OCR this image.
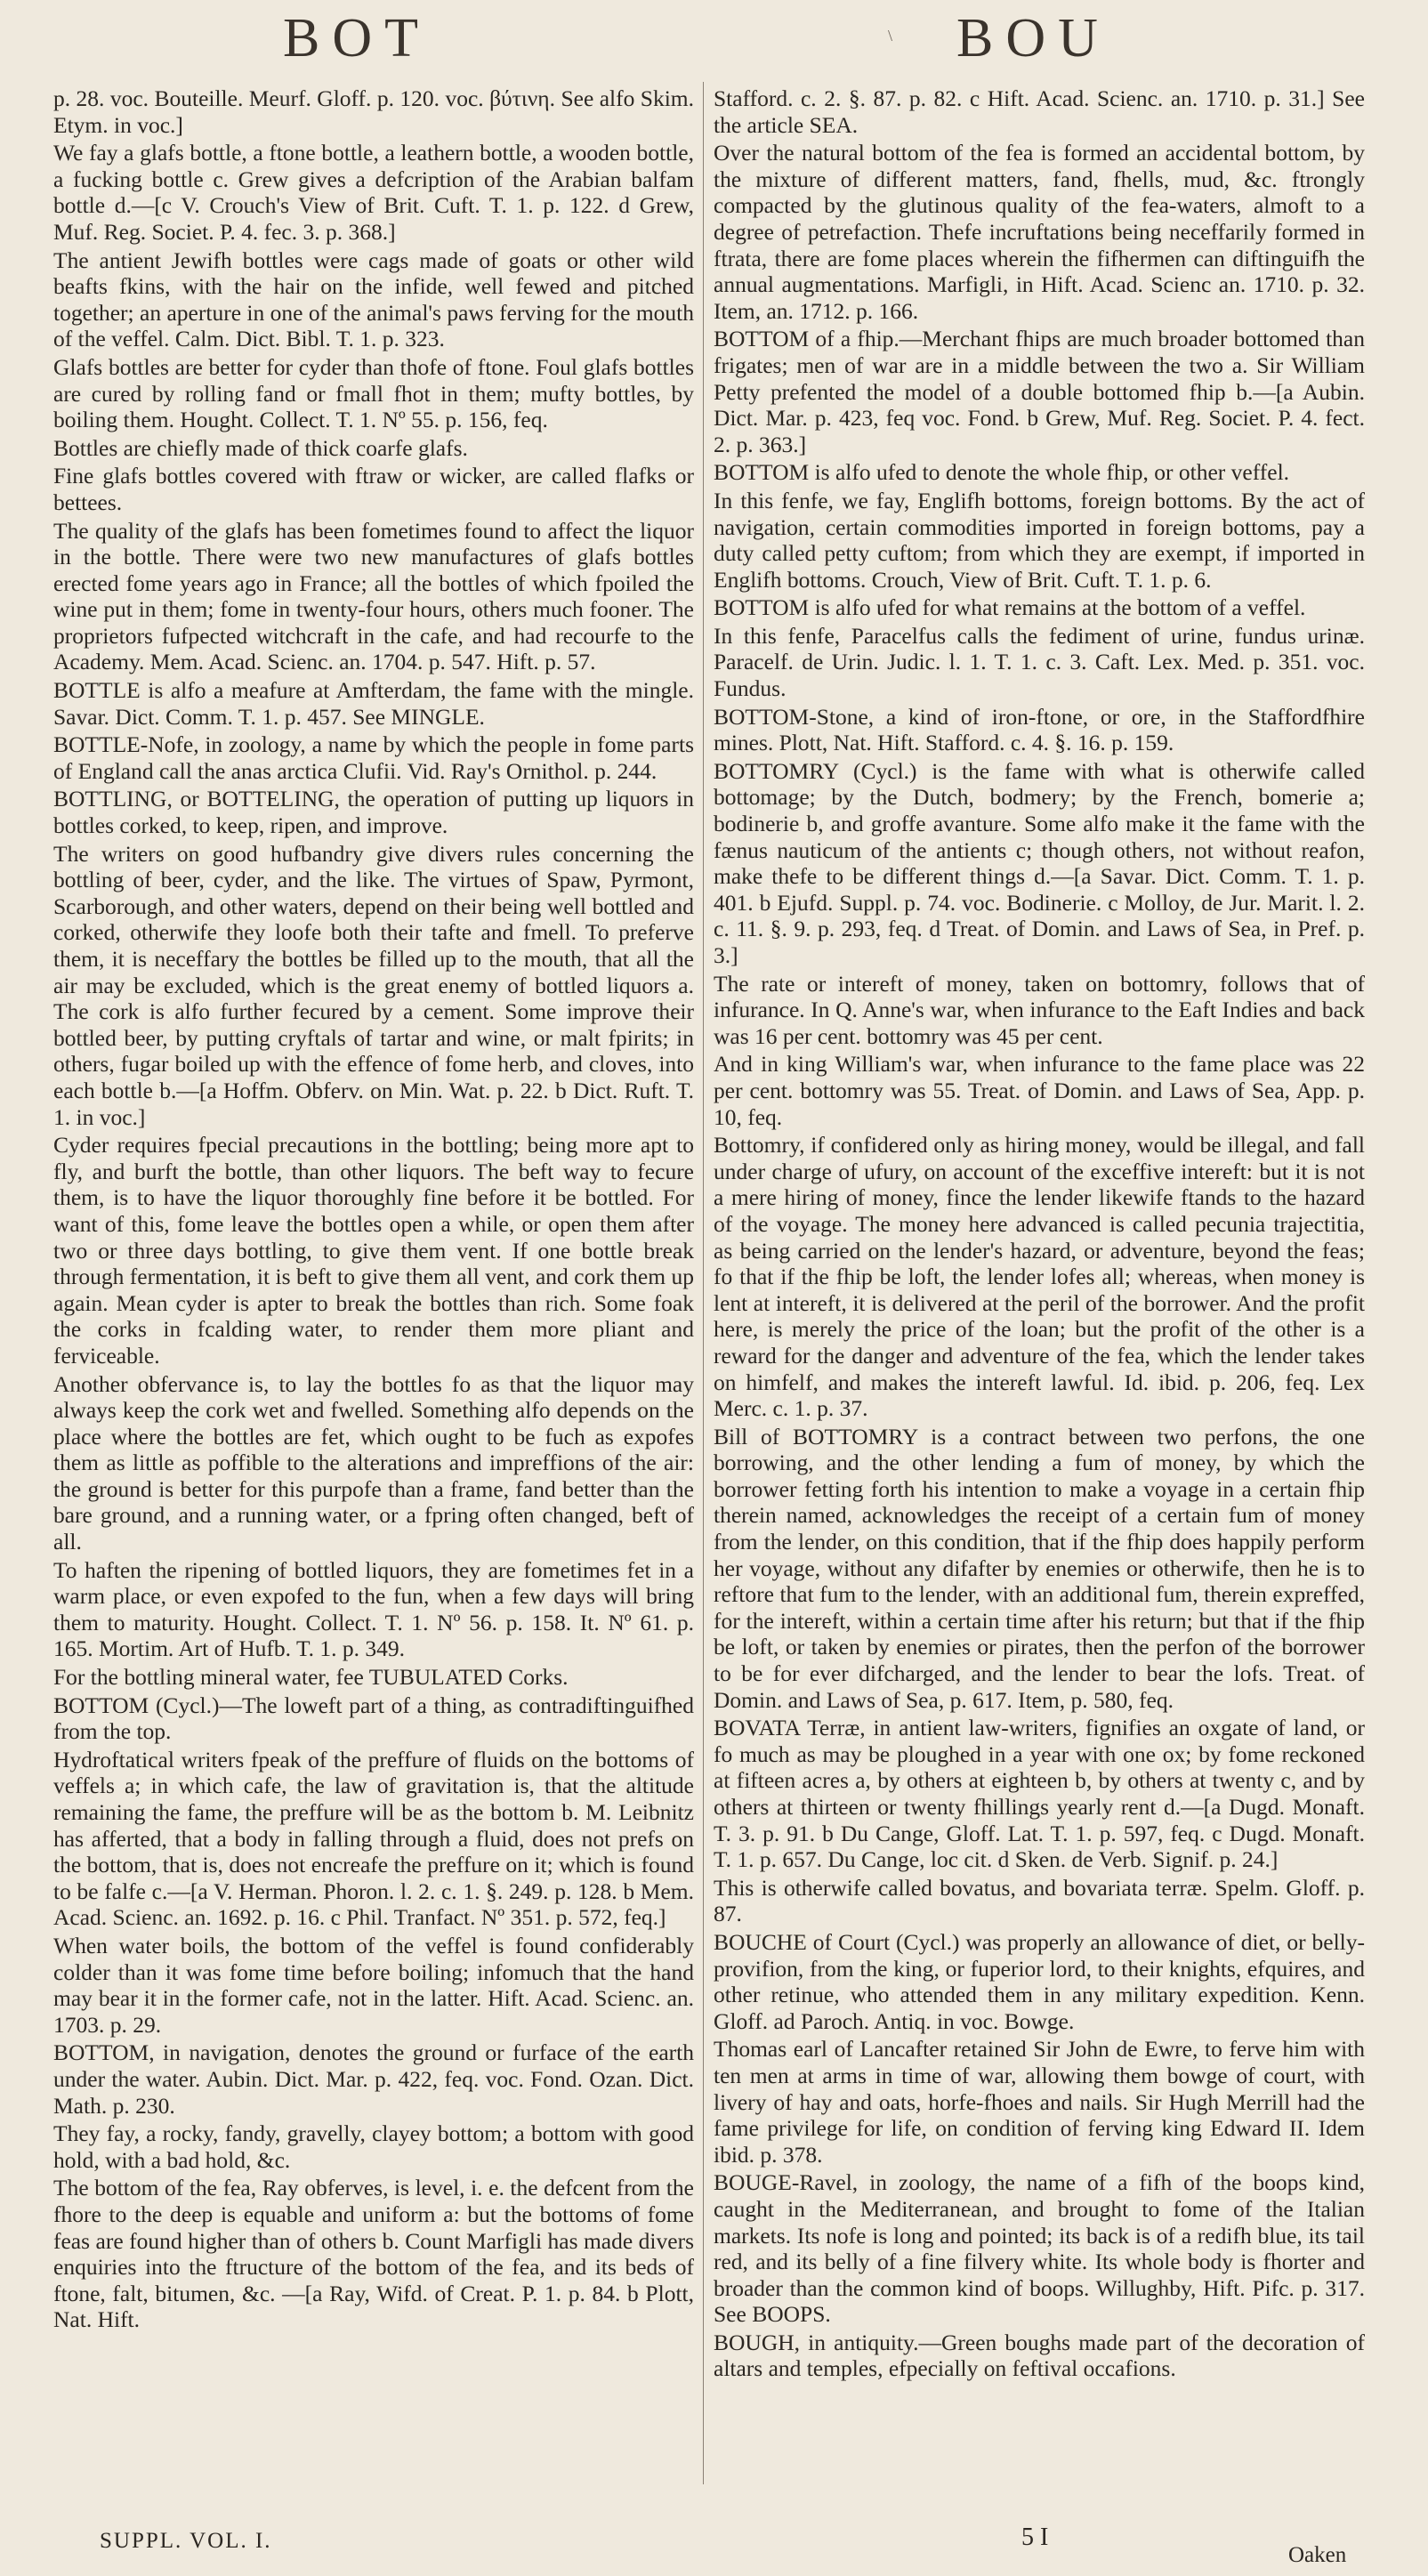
BOT	\ BOU

p. 28. voc. Bouteille. Meurf. Gloff. p. 120. voc. βύτινη. See alfo Skim. Etym. in voc.]

We fay a glafs bottle, a ftone bottle, a leathern bottle, a wooden bottle, a fucking bottle c. Grew gives a defcription of the Arabian balfam bottle d.—[c V. Crouch's View of Brit. Cuft. T. 1. p. 122. d Grew, Muf. Reg. Societ. P. 4. fec. 3. p. 368.]

The antient Jewifh bottles were cags made of goats or other wild beafts fkins, with the hair on the infide, well fewed and pitched together; an aperture in one of the animal's paws ferving for the mouth of the veffel. Calm. Dict. Bibl. T. 1. p. 323.

Glafs bottles are better for cyder than thofe of ftone. Foul glafs bottles are cured by rolling fand or fmall fhot in them; mufty bottles, by boiling them. Hought. Collect. T. 1. Nº 55. p. 156, feq.

Bottles are chiefly made of thick coarfe glafs.

Fine glafs bottles covered with ftraw or wicker, are called flafks or bettees.

The quality of the glafs has been fometimes found to affect the liquor in the bottle. There were two new manufactures of glafs bottles erected fome years ago in France; all the bottles of which fpoiled the wine put in them; fome in twenty-four hours, others much fooner. The proprietors fufpected witchcraft in the cafe, and had recourfe to the Academy. Mem. Acad. Scienc. an. 1704. p. 547. Hift. p. 57.

BOTTLE is alfo a meafure at Amfterdam, the fame with the mingle. Savar. Dict. Comm. T. 1. p. 457. See MINGLE.

BOTTLE-Nofe, in zoology, a name by which the people in fome parts of England call the anas arctica Clufii. Vid. Ray's Ornithol. p. 244.

BOTTLING, or BOTTELING, the operation of putting up liquors in bottles corked, to keep, ripen, and improve.

The writers on good hufbandry give divers rules concerning the bottling of beer, cyder, and the like. The virtues of Spaw, Pyrmont, Scarborough, and other waters, depend on their being well bottled and corked, otherwife they loofe both their tafte and fmell. To preferve them, it is neceffary the bottles be filled up to the mouth, that all the air may be excluded, which is the great enemy of bottled liquors a. The cork is alfo further fecured by a cement. Some improve their bottled beer, by putting cryftals of tartar and wine, or malt fpirits; in others, fugar boiled up with the effence of fome herb, and cloves, into each bottle b.—[a Hoffm. Obferv. on Min. Wat. p. 22. b Dict. Ruft. T. 1. in voc.]

Cyder requires fpecial precautions in the bottling; being more apt to fly, and burft the bottle, than other liquors. The beft way to fecure them, is to have the liquor thoroughly fine before it be bottled. For want of this, fome leave the bottles open a while, or open them after two or three days bottling, to give them vent. If one bottle break through fermentation, it is beft to give them all vent, and cork them up again. Mean cyder is apter to break the bottles than rich. Some foak the corks in fcalding water, to render them more pliant and ferviceable.

Another obfervance is, to lay the bottles fo as that the liquor may always keep the cork wet and fwelled. Something alfo depends on the place where the bottles are fet, which ought to be fuch as expofes them as little as poffible to the alterations and impreffions of the air: the ground is better for this purpofe than a frame, fand better than the bare ground, and a running water, or a fpring often changed, beft of all.

To haften the ripening of bottled liquors, they are fometimes fet in a warm place, or even expofed to the fun, when a few days will bring them to maturity. Hought. Collect. T. 1. Nº 56. p. 158. It. Nº 61. p. 165. Mortim. Art of Hufb. T. 1. p. 349.

For the bottling mineral water, fee TUBULATED Corks.

BOTTOM (Cycl.)—The loweft part of a thing, as contradiftinguifhed from the top.

Hydroftatical writers fpeak of the preffure of fluids on the bottoms of veffels a; in which cafe, the law of gravitation is, that the altitude remaining the fame, the preffure will be as the bottom b. M. Leibnitz has afferted, that a body in falling through a fluid, does not prefs on the bottom, that is, does not encreafe the preffure on it; which is found to be falfe c.—[a V. Herman. Phoron. l. 2. c. 1. §. 249. p. 128. b Mem. Acad. Scienc. an. 1692. p. 16. c Phil. Tranfact. Nº 351. p. 572, feq.]

When water boils, the bottom of the veffel is found confiderably colder than it was fome time before boiling; infomuch that the hand may bear it in the former cafe, not in the latter. Hift. Acad. Scienc. an. 1703. p. 29.

BOTTOM, in navigation, denotes the ground or furface of the earth under the water. Aubin. Dict. Mar. p. 422, feq. voc. Fond. Ozan. Dict. Math. p. 230.

They fay, a rocky, fandy, gravelly, clayey bottom; a bottom with good hold, with a bad hold, &c.

The bottom of the fea, Ray obferves, is level, i. e. the defcent from the fhore to the deep is equable and uniform a: but the bottoms of fome feas are found higher than of others b. Count Marfigli has made divers enquiries into the ftructure of the bottom of the fea, and its beds of ftone, falt, bitumen, &c. —[a Ray, Wifd. of Creat. P. 1. p. 84. b Plott, Nat. Hift.

Stafford. c. 2. §. 87. p. 82. c Hift. Acad. Scienc. an. 1710. p. 31.] See the article SEA.

Over the natural bottom of the fea is formed an accidental bottom, by the mixture of different matters, fand, fhells, mud, &c. ftrongly compacted by the glutinous quality of the fea-waters, almoft to a degree of petrefaction. Thefe incruftations being neceffarily formed in ftrata, there are fome places wherein the fifhermen can diftinguifh the annual augmentations. Marfigli, in Hift. Acad. Scienc an. 1710. p. 32. Item, an. 1712. p. 166.

BOTTOM of a fhip.—Merchant fhips are much broader bottomed than frigates; men of war are in a middle between the two a. Sir William Petty prefented the model of a double bottomed fhip b.—[a Aubin. Dict. Mar. p. 423, feq voc. Fond. b Grew, Muf. Reg. Societ. P. 4. fect. 2. p. 363.]

BOTTOM is alfo ufed to denote the whole fhip, or other veffel.

In this fenfe, we fay, Englifh bottoms, foreign bottoms. By the act of navigation, certain commodities imported in foreign bottoms, pay a duty called petty cuftom; from which they are exempt, if imported in Englifh bottoms. Crouch, View of Brit. Cuft. T. 1. p. 6.

BOTTOM is alfo ufed for what remains at the bottom of a veffel.

In this fenfe, Paracelfus calls the fediment of urine, fundus urinæ. Paracelf. de Urin. Judic. l. 1. T. 1. c. 3. Caft. Lex. Med. p. 351. voc. Fundus.

BOTTOM-Stone, a kind of iron-ftone, or ore, in the Staffordfhire mines. Plott, Nat. Hift. Stafford. c. 4. §. 16. p. 159.

BOTTOMRY (Cycl.) is the fame with what is otherwife called bottomage; by the Dutch, bodmery; by the French, bomerie a; bodinerie b, and groffe avanture. Some alfo make it the fame with the fænus nauticum of the antients c; though others, not without reafon, make thefe to be different things d.—[a Savar. Dict. Comm. T. 1. p. 401. b Ejufd. Suppl. p. 74. voc. Bodinerie. c Molloy, de Jur. Marit. l. 2. c. 11. §. 9. p. 293, feq. d Treat. of Domin. and Laws of Sea, in Pref. p. 3.]

The rate or intereft of money, taken on bottomry, follows that of infurance. In Q. Anne's war, when infurance to the Eaft Indies and back was 16 per cent. bottomry was 45 per cent.

And in king William's war, when infurance to the fame place was 22 per cent. bottomry was 55. Treat. of Domin. and Laws of Sea, App. p. 10, feq.

Bottomry, if confidered only as hiring money, would be illegal, and fall under charge of ufury, on account of the exceffive intereft: but it is not a mere hiring of money, fince the lender likewife ftands to the hazard of the voyage. The money here advanced is called pecunia trajectitia, as being carried on the lender's hazard, or adventure, beyond the feas; fo that if the fhip be loft, the lender lofes all; whereas, when money is lent at intereft, it is delivered at the peril of the borrower. And the profit here, is merely the price of the loan; but the profit of the other is a reward for the danger and adventure of the fea, which the lender takes on himfelf, and makes the intereft lawful. Id. ibid. p. 206, feq. Lex Merc. c. 1. p. 37.

Bill of BOTTOMRY is a contract between two perfons, the one borrowing, and the other lending a fum of money, by which the borrower fetting forth his intention to make a voyage in a certain fhip therein named, acknowledges the receipt of a certain fum of money from the lender, on this condition, that if the fhip does happily perform her voyage, without any difafter by enemies or otherwife, then he is to reftore that fum to the lender, with an additional fum, therein expreffed, for the intereft, within a certain time after his return; but that if the fhip be loft, or taken by enemies or pirates, then the perfon of the borrower to be for ever difcharged, and the lender to bear the lofs. Treat. of Domin. and Laws of Sea, p. 617. Item, p. 580, feq.

BOVATA Terræ, in antient law-writers, fignifies an oxgate of land, or fo much as may be ploughed in a year with one ox; by fome reckoned at fifteen acres a, by others at eighteen b, by others at twenty c, and by others at thirteen or twenty fhillings yearly rent d.—[a Dugd. Monaft. T. 3. p. 91. b Du Cange, Gloff. Lat. T. 1. p. 597, feq. c Dugd. Monaft. T. 1. p. 657. Du Cange, loc cit. d Sken. de Verb. Signif. p. 24.]

This is otherwife called bovatus, and bovariata terræ. Spelm. Gloff. p. 87.

BOUCHE of Court (Cycl.) was properly an allowance of diet, or belly-provifion, from the king, or fuperior lord, to their knights, efquires, and other retinue, who attended them in any military expedition. Kenn. Gloff. ad Paroch. Antiq. in voc. Bowge.

Thomas earl of Lancafter retained Sir John de Ewre, to ferve him with ten men at arms in time of war, allowing them bowge of court, with livery of hay and oats, horfe-fhoes and nails. Sir Hugh Merrill had the fame privilege for life, on condition of ferving king Edward II. Idem ibid. p. 378.

BOUGE-Ravel, in zoology, the name of a fifh of the boops kind, caught in the Mediterranean, and brought to fome of the Italian markets. Its nofe is long and pointed; its back is of a redifh blue, its tail red, and its belly of a fine filvery white. Its whole body is fhorter and broader than the common kind of boops. Willughby, Hift. Pifc. p. 317. See BOOPS.

BOUGH, in antiquity.—Green boughs made part of the decoration of altars and temples, efpecially on feftival occafions.

SUPPL. VOL. I.	5 I
Oaken
